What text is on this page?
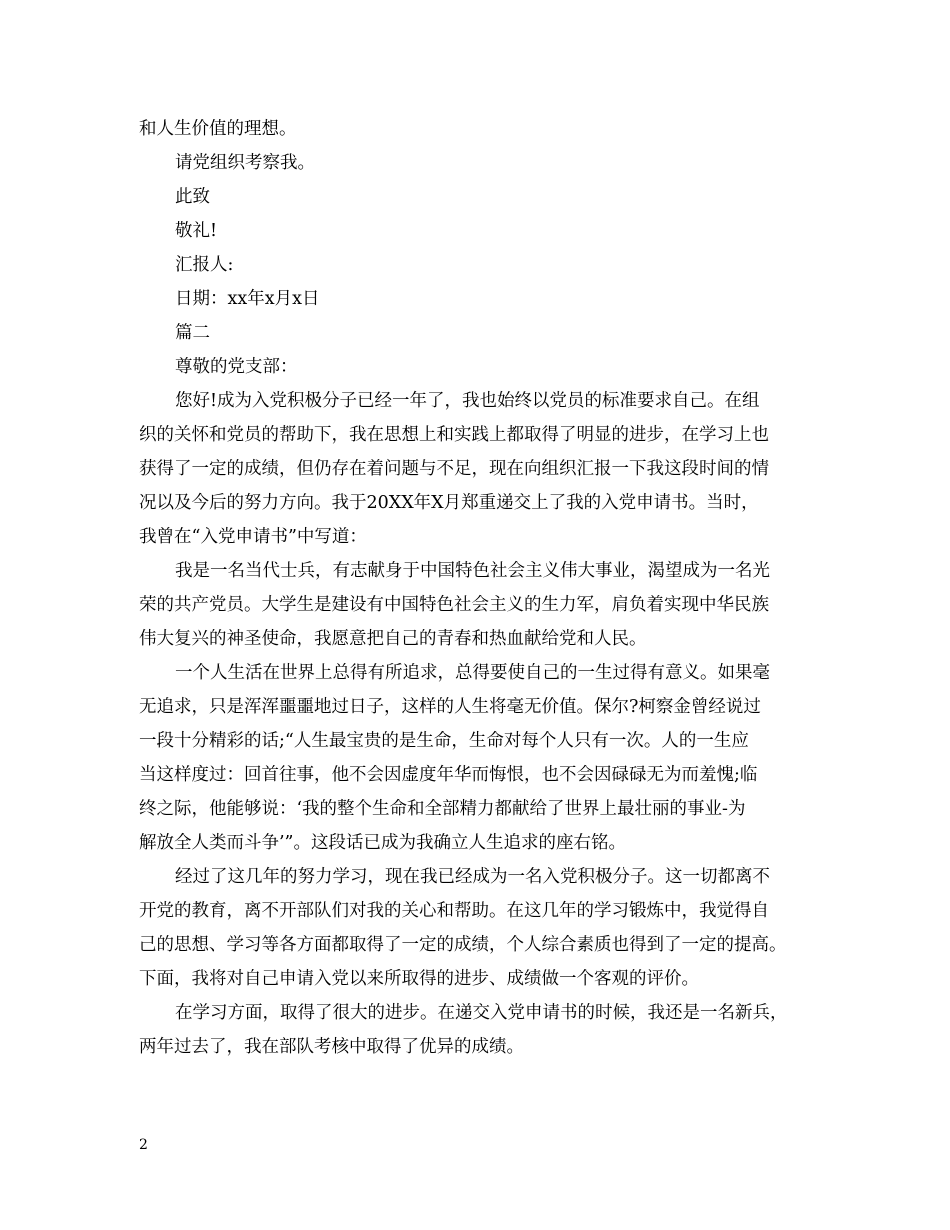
和人生价值的理想。

请党组织考察我。

此致

敬礼!

汇报人:

日期：xx年x月x日

篇二

尊敬的党支部：

您好!成为入党积极分子已经一年了，我也始终以党员的标准要求自己。在组
织的关怀和党员的帮助下，我在思想上和实践上都取得了明显的进步，在学习上也
获得了一定的成绩，但仍存在着问题与不足，现在向组织汇报一下我这段时间的情
况以及今后的努力方向。我于20XX年X月郑重递交上了我的入党申请书。当时，
我曾在“入党申请书”中写道：
我是一名当代士兵，有志献身于中国特色社会主义伟大事业，渴望成为一名光
荣的共产党员。大学生是建设有中国特色社会主义的生力军，肩负着实现中华民族
伟大复兴的神圣使命，我愿意把自己的青春和热血献给党和人民。
一个人生活在世界上总得有所追求，总得要使自己的一生过得有意义。如果毫
无追求，只是浑浑噩噩地过日子，这样的人生将毫无价值。保尔?柯察金曾经说过
一段十分精彩的话;“人生最宝贵的是生命，生命对每个人只有一次。人的一生应
当这样度过：回首往事，他不会因虚度年华而悔恨，也不会因碌碌无为而羞愧;临
终之际，他能够说：‘我的整个生命和全部精力都献给了世界上最壮丽的事业-为
解放全人类而斗争’”。这段话已成为我确立人生追求的座右铭。
经过了这几年的努力学习，现在我已经成为一名入党积极分子。这一切都离不
开党的教育，离不开部队们对我的关心和帮助。在这几年的学习锻炼中，我觉得自
己的思想、学习等各方面都取得了一定的成绩，个人综合素质也得到了一定的提高。
下面，我将对自己申请入党以来所取得的进步、成绩做一个客观的评价。
在学习方面，取得了很大的进步。在递交入党申请书的时候，我还是一名新兵，
两年过去了，我在部队考核中取得了优异的成绩。
2
